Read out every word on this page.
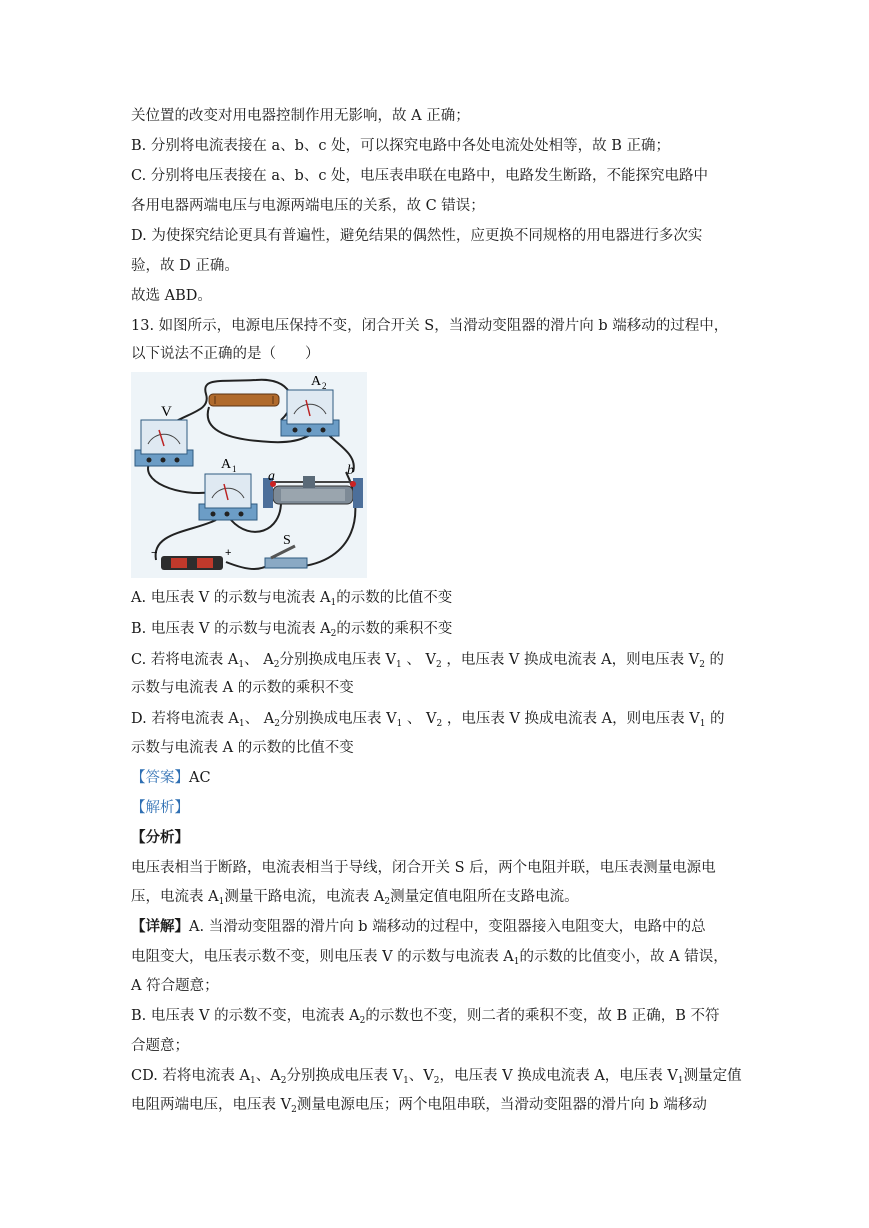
关位置的改变对用电器控制作用无影响，故 A 正确；
B. 分别将电流表接在 a、b、c 处，可以探究电路中各处电流处处相等，故 B 正确；
C. 分别将电压表接在 a、b、c 处，电压表串联在电路中，电路发生断路，不能探究电路中
各用电器两端电压与电源两端电压的关系，故 C 错误；
D. 为使探究结论更具有普遍性，避免结果的偶然性，应更换不同规格的用电器进行多次实
验，故 D 正确。
故选 ABD。
13. 如图所示，电源电压保持不变，闭合开关 S，当滑动变阻器的滑片向 b 端移动的过程中，
以下说法不正确的是（　　）
V
A 2
A 1 a	b
−	+
S
A. 电压表 V 的示数与电流表 $A_1$的示数的比值不变
B. 电压表 V 的示数与电流表 $A_2$的示数的乘积不变
C. 若将电流表 $A_1$、 $A_2$分别换成电压表 $V_1$ 、 $V_2$ ，电压表 V 换成电流表 A，则电压表 $V_2$ 的
示数与电流表 A 的示数的乘积不变
D. 若将电流表 $A_1$、 $A_2$分别换成电压表 $V_1$ 、 $V_2$ ，电压表 V 换成电流表 A，则电压表 $V_1$ 的
示数与电流表 A 的示数的比值不变
【答案】AC
【解析】
【分析】
电压表相当于断路，电流表相当于导线，闭合开关 S 后，两个电阻并联，电压表测量电源电
压，电流表 $A_1$测量干路电流，电流表 $A_2$测量定值电阻所在支路电流。
【详解】A. 当滑动变阻器的滑片向 b 端移动的过程中，变阻器接入电阻变大，电路中的总
电阻变大，电压表示数不变，则电压表 V 的示数与电流表 $A_1$的示数的比值变小，故 A 错误，
A 符合题意；
B. 电压表 V 的示数不变，电流表 $A_2$的示数也不变，则二者的乘积不变，故 B 正确，B 不符
合题意；
CD. 若将电流表 $A_1$、$A_2$分别换成电压表 $V_1$、$V_2$，电压表 V 换成电流表 A，电压表 $V_1$测量定值
电阻两端电压，电压表 $V_2$测量电源电压；两个电阻串联，当滑动变阻器的滑片向 b 端移动
